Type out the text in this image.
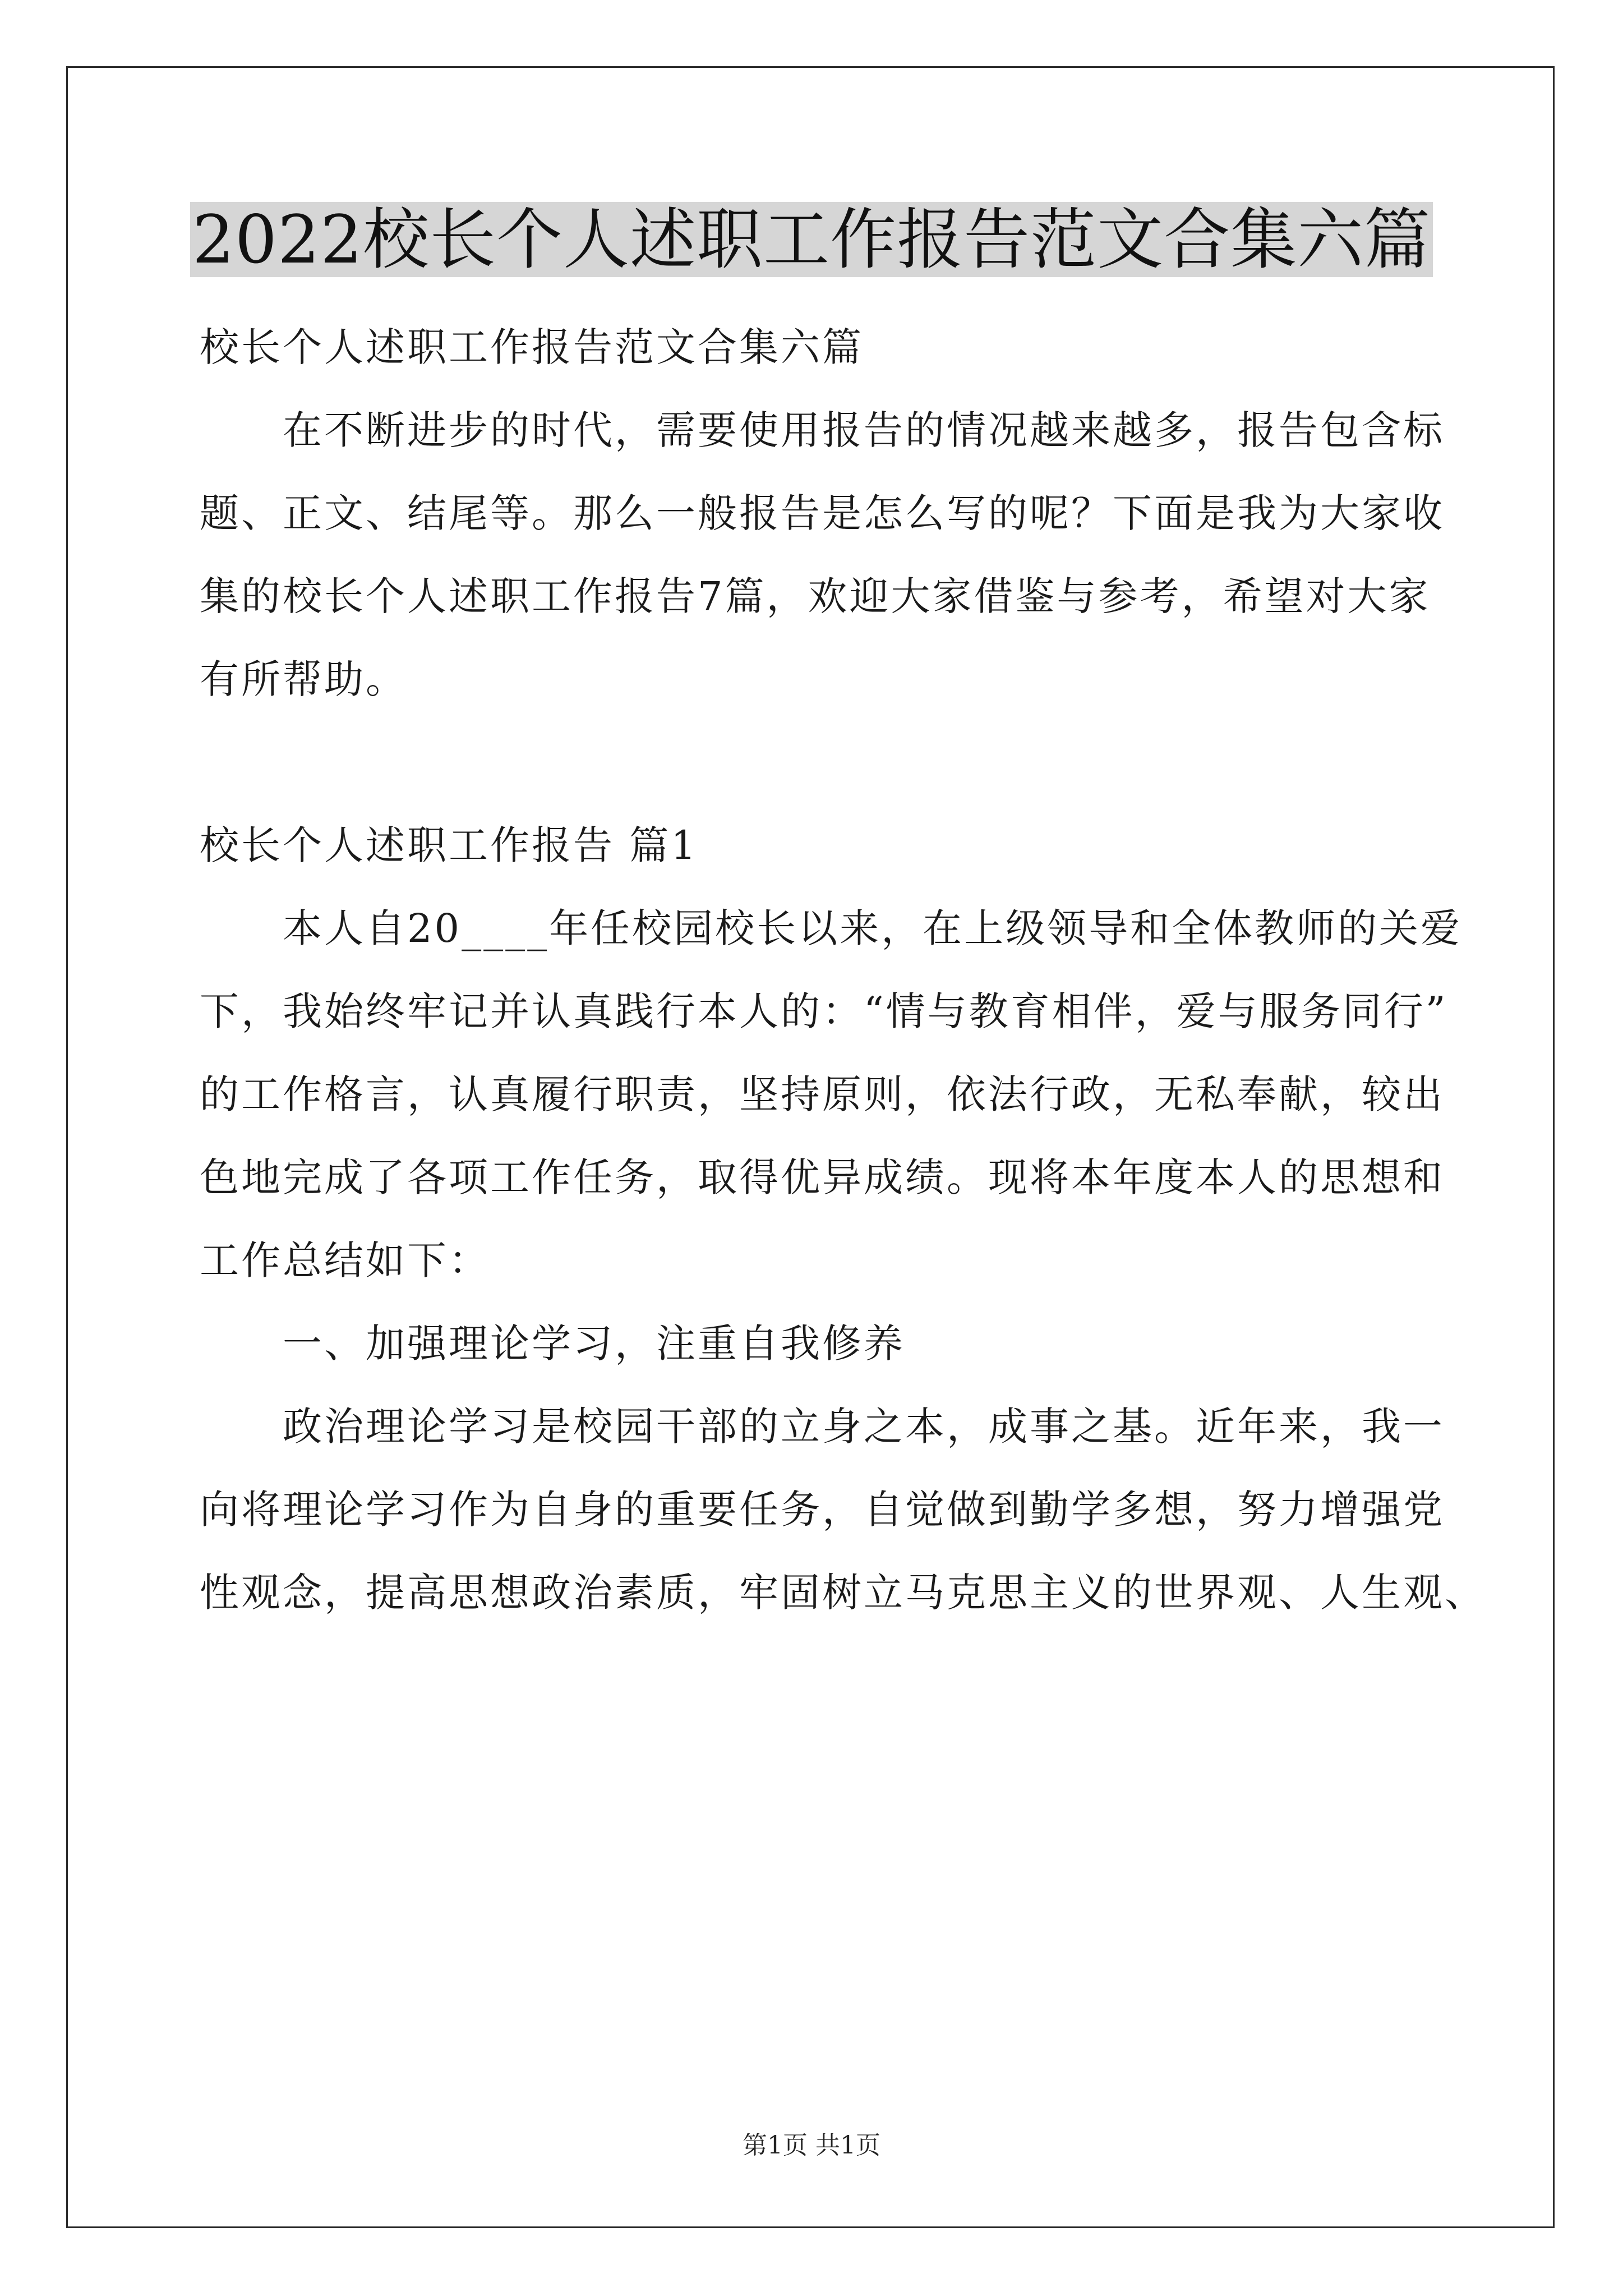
2022校长个人述职工作报告范文合集六篇

校长个人述职工作报告范文合集六篇

在不断进步的时代，需要使用报告的情况越来越多，报告包含标

题、正文、结尾等。那么一般报告是怎么写的呢？下面是我为大家收

集的校长个人述职工作报告7篇，欢迎大家借鉴与参考，希望对大家

有所帮助。

校长个人述职工作报告 篇1

本人自20____年任校园校长以来，在上级领导和全体教师的关爱

下，我始终牢记并认真践行本人的：“情与教育相伴，爱与服务同行”

的工作格言，认真履行职责，坚持原则，依法行政，无私奉献，较出

色地完成了各项工作任务，取得优异成绩。现将本年度本人的思想和

工作总结如下：

一、加强理论学习，注重自我修养

政治理论学习是校园干部的立身之本，成事之基。近年来，我一

向将理论学习作为自身的重要任务，自觉做到勤学多想，努力增强党

性观念，提高思想政治素质，牢固树立马克思主义的世界观、人生观、

第1页 共1页
